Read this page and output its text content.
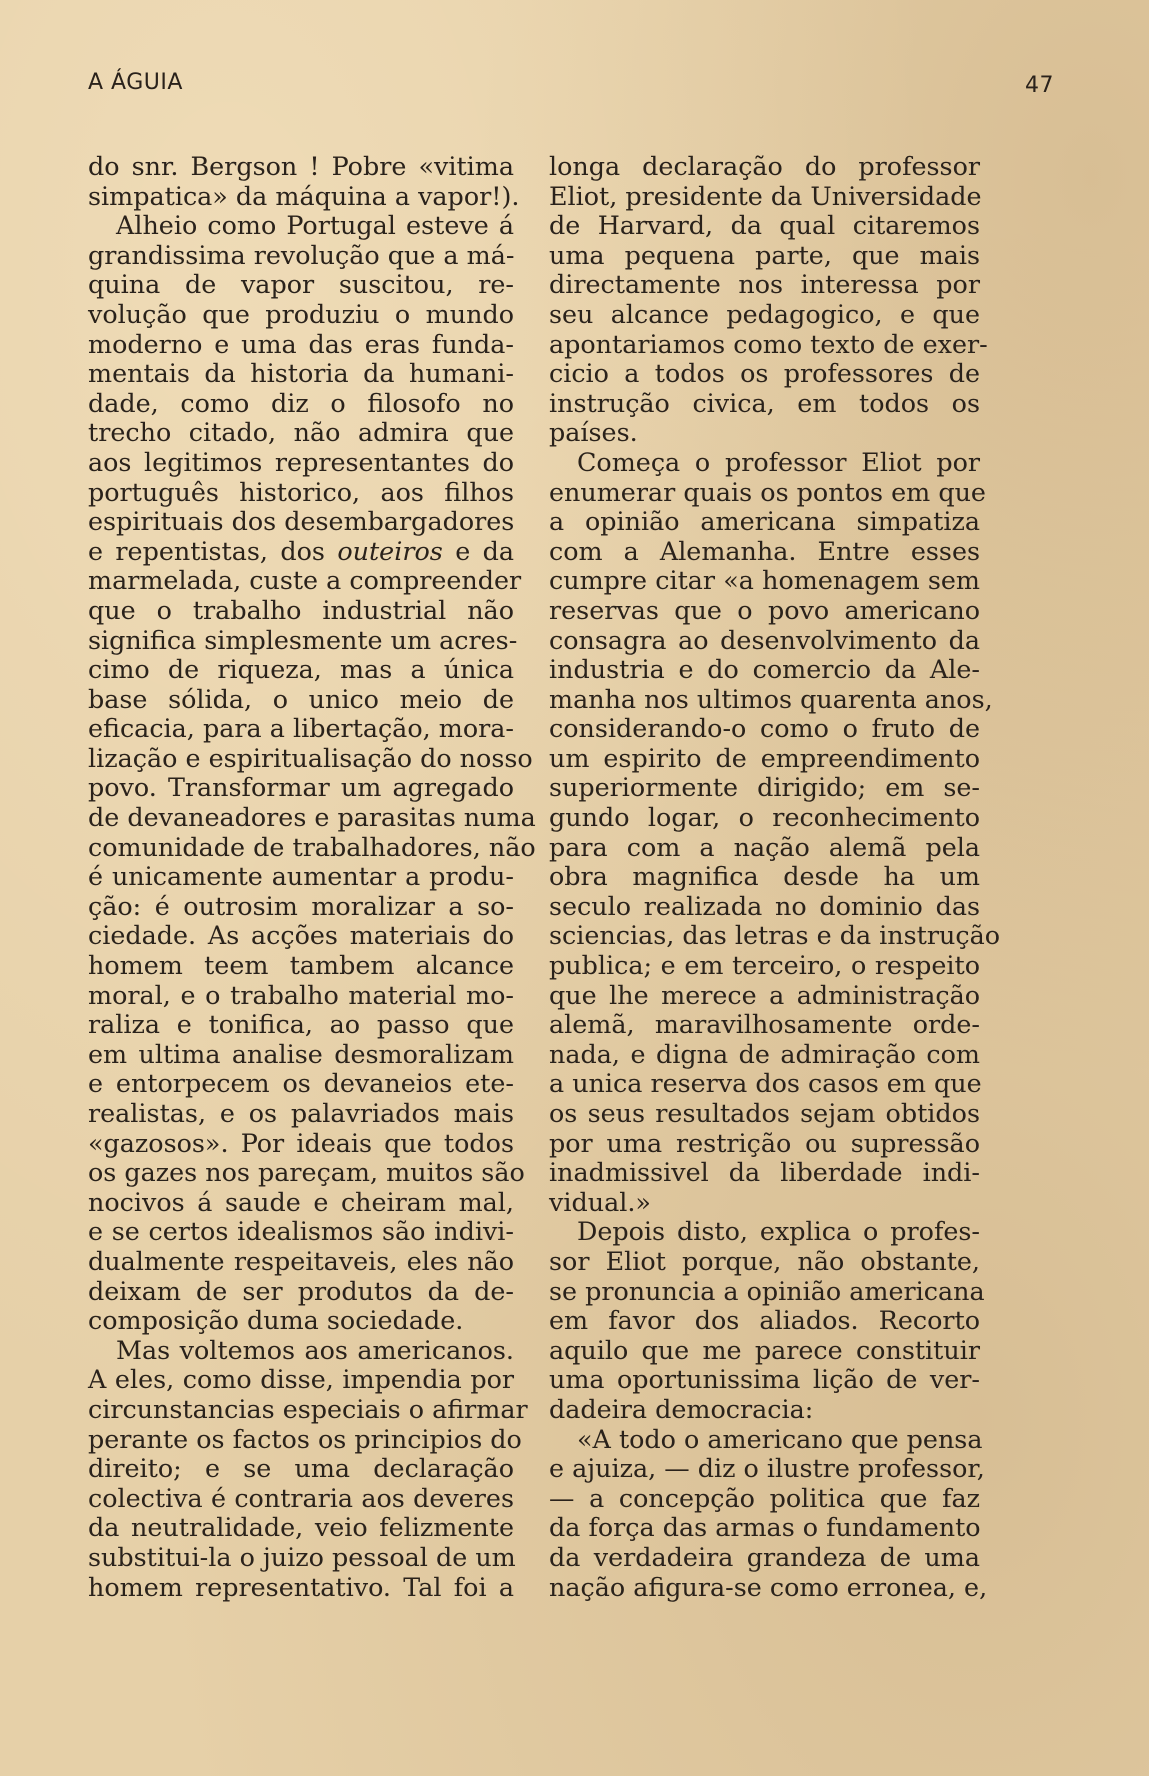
A ÁGUIA	47
do snr. Bergson ! Pobre «vitima
simpatica» da máquina a vapor!).
Alheio como Portugal esteve á
grandissima revolução que a má-
quina de vapor suscitou, re-
volução que produziu o mundo
moderno e uma das eras funda-
mentais da historia da humani-
dade, como diz o filosofo no
trecho citado, não admira que
aos legitimos representantes do
português historico, aos filhos
espirituais dos desembargadores
e repentistas, dos outeiros e da
marmelada, custe a compreender
que o trabalho industrial não
significa simplesmente um acres-
cimo de riqueza, mas a única
base sólida, o unico meio de
eficacia, para a libertação, mora-
lização e espiritualisação do nosso
povo. Transformar um agregado
de devaneadores e parasitas numa
comunidade de trabalhadores, não
é unicamente aumentar a produ-
ção: é outrosim moralizar a so-
ciedade. As acções materiais do
homem teem tambem alcance
moral, e o trabalho material mo-
raliza e tonifica, ao passo que
em ultima analise desmoralizam
e entorpecem os devaneios ete-
realistas, e os palavriados mais
«gazosos». Por ideais que todos
os gazes nos pareçam, muitos são
nocivos á saude e cheiram mal,
e se certos idealismos são indivi-
dualmente respeitaveis, eles não
deixam de ser produtos da de-
composição duma sociedade.
Mas voltemos aos americanos.
A eles, como disse, impendia por
circunstancias especiais o afirmar
perante os factos os principios do
direito; e se uma declaração
colectiva é contraria aos deveres
da neutralidade, veio felizmente
substitui-la o juizo pessoal de um
homem representativo. Tal foi a
longa declaração do professor
Eliot, presidente da Universidade
de Harvard, da qual citaremos
uma pequena parte, que mais
directamente nos interessa por
seu alcance pedagogico, e que
apontariamos como texto de exer-
cicio a todos os professores de
instrução civica, em todos os
países.
Começa o professor Eliot por
enumerar quais os pontos em que
a opinião americana simpatiza
com a Alemanha. Entre esses
cumpre citar «a homenagem sem
reservas que o povo americano
consagra ao desenvolvimento da
industria e do comercio da Ale-
manha nos ultimos quarenta anos,
considerando-o como o fruto de
um espirito de empreendimento
superiormente dirigido; em se-
gundo logar, o reconhecimento
para com a nação alemã pela
obra magnifica desde ha um
seculo realizada no dominio das
sciencias, das letras e da instrução
publica; e em terceiro, o respeito
que lhe merece a administração
alemã, maravilhosamente orde-
nada, e digna de admiração com
a unica reserva dos casos em que
os seus resultados sejam obtidos
por uma restrição ou supressão
inadmissivel da liberdade indi-
vidual.»
Depois disto, explica o profes-
sor Eliot porque, não obstante,
se pronuncia a opinião americana
em favor dos aliados. Recorto
aquilo que me parece constituir
uma oportunissima lição de ver-
dadeira democracia:
«A todo o americano que pensa
e ajuiza, — diz o ilustre professor,
— a concepção politica que faz
da força das armas o fundamento
da verdadeira grandeza de uma
nação afigura-se como erronea, e,
